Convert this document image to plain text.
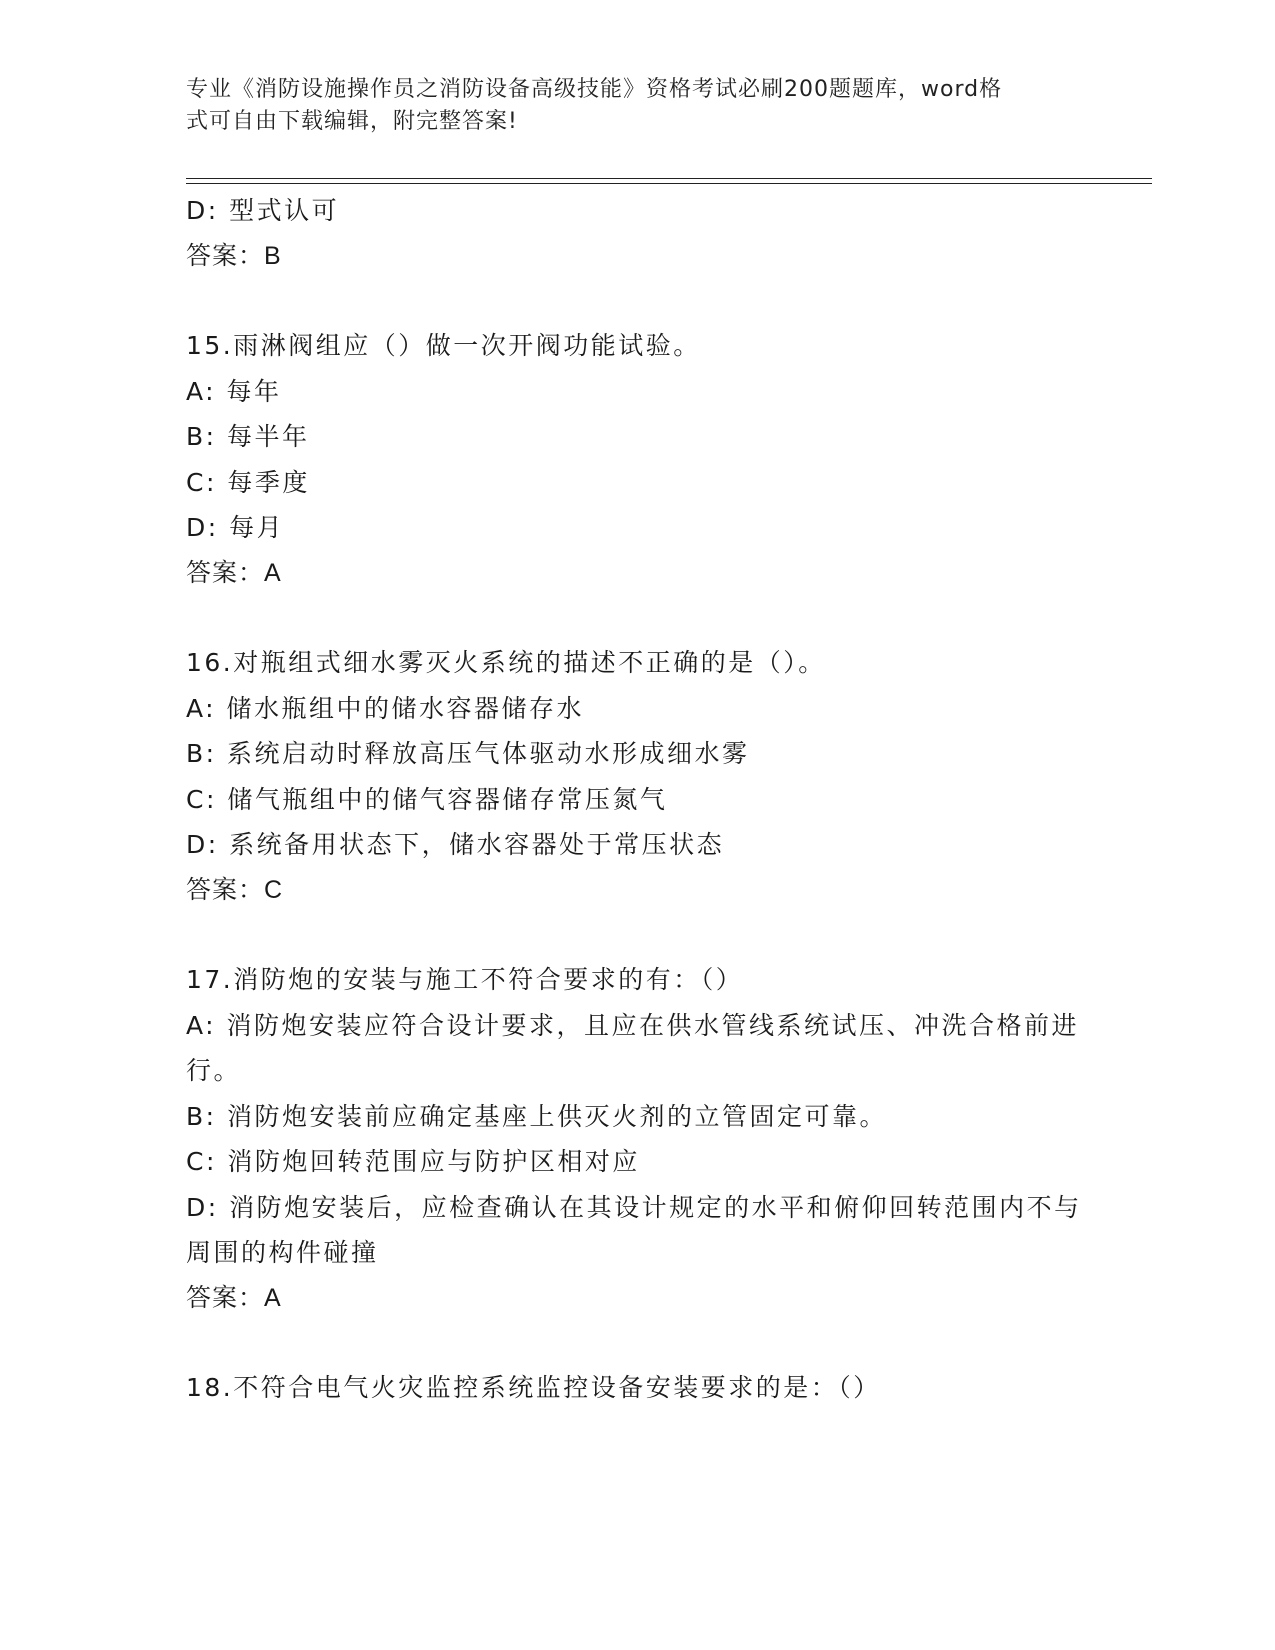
专业《消防设施操作员之消防设备高级技能》资格考试必刷200题题库，word格
式可自由下载编辑，附完整答案!
D: 型式认可
答案：B
15.雨淋阀组应（）做一次开阀功能试验。
A: 每年
B: 每半年
C: 每季度
D: 每月
答案：A
16.对瓶组式细水雾灭火系统的描述不正确的是（）。
A: 储水瓶组中的储水容器储存水
B: 系统启动时释放高压气体驱动水形成细水雾
C: 储气瓶组中的储气容器储存常压氮气
D: 系统备用状态下，储水容器处于常压状态
答案：C
17.消防炮的安装与施工不符合要求的有：（）
A: 消防炮安装应符合设计要求，且应在供水管线系统试压、冲洗合格前进行。
B: 消防炮安装前应确定基座上供灭火剂的立管固定可靠。
C: 消防炮回转范围应与防护区相对应
D: 消防炮安装后，应检查确认在其设计规定的水平和俯仰回转范围内不与周围的构件碰撞
答案：A
18.不符合电气火灾监控系统监控设备安装要求的是：（）
